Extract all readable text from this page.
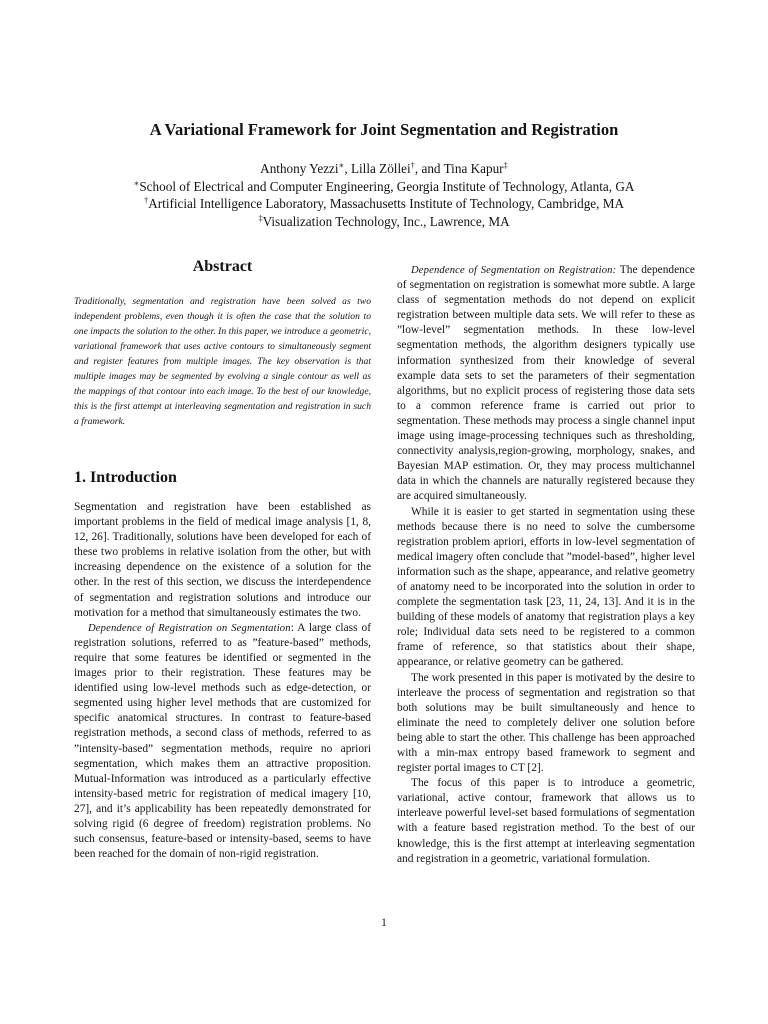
A Variational Framework for Joint Segmentation and Registration
Anthony Yezzi∗, Lilla Zöllei†, and Tina Kapur‡
∗School of Electrical and Computer Engineering, Georgia Institute of Technology, Atlanta, GA
†Artificial Intelligence Laboratory, Massachusetts Institute of Technology, Cambridge, MA
‡Visualization Technology, Inc., Lawrence, MA
Abstract
Traditionally, segmentation and registration have been solved as two independent problems, even though it is often the case that the solution to one impacts the solution to the other. In this paper, we introduce a geometric, variational framework that uses active contours to simultaneously segment and register features from multiple images. The key observation is that multiple images may be segmented by evolving a single contour as well as the mappings of that contour into each image. To the best of our knowledge, this is the first attempt at interleaving segmentation and registration in such a framework.
1. Introduction

Segmentation and registration have been established as important problems in the field of medical image analysis [1, 8, 12, 26]. Traditionally, solutions have been developed for each of these two problems in relative isolation from the other, but with increasing dependence on the existence of a solution for the other. In the rest of this section, we discuss the interdependence of segmentation and registration solutions and introduce our motivation for a method that simultaneously estimates the two.

Dependence of Registration on Segmentation: A large class of registration solutions, referred to as ”feature-based” methods, require that some features be identified or segmented in the images prior to their registration. These features may be identified using low-level methods such as edge-detection, or segmented using higher level methods that are customized for specific anatomical structures. In contrast to feature-based registration methods, a second class of methods, referred to as ”intensity-based” segmentation methods, require no apriori segmentation, which makes them an attractive proposition. Mutual-Information was introduced as a particularly effective intensity-based metric for registration of medical imagery [10, 27], and it’s applicability has been repeatedly demonstrated for solving rigid (6 degree of freedom) registration problems. No such consensus, feature-based or intensity-based, seems to have been reached for the domain of non-rigid registration.

Dependence of Segmentation on Registration: The dependence of segmentation on registration is somewhat more subtle. A large class of segmentation methods do not depend on explicit registration between multiple data sets. We will refer to these as ”low-level” segmentation methods. In these low-level segmentation methods, the algorithm designers typically use information synthesized from their knowledge of several example data sets to set the parameters of their segmentation algorithms, but no explicit process of registering those data sets to a common reference frame is carried out prior to segmentation. These methods may process a single channel input image using image-processing techniques such as thresholding, connectivity analysis,region-growing, morphology, snakes, and Bayesian MAP estimation. Or, they may process multichannel data in which the channels are naturally registered because they are acquired simultaneously.

While it is easier to get started in segmentation using these methods because there is no need to solve the cumbersome registration problem apriori, efforts in low-level segmentation of medical imagery often conclude that ”model-based”, higher level information such as the shape, appearance, and relative geometry of anatomy need to be incorporated into the solution in order to complete the segmentation task [23, 11, 24, 13]. And it is in the building of these models of anatomy that registration plays a key role; Individual data sets need to be registered to a common frame of reference, so that statistics about their shape, appearance, or relative geometry can be gathered.

The work presented in this paper is motivated by the desire to interleave the process of segmentation and registration so that both solutions may be built simultaneously and hence to eliminate the need to completely deliver one solution before being able to start the other. This challenge has been approached with a min-max entropy based framework to segment and register portal images to CT [2].

The focus of this paper is to introduce a geometric, variational, active contour, framework that allows us to interleave powerful level-set based formulations of segmentation with a feature based registration method. To the best of our knowledge, this is the first attempt at interleaving segmentation and registration in a geometric, variational formulation.

1
